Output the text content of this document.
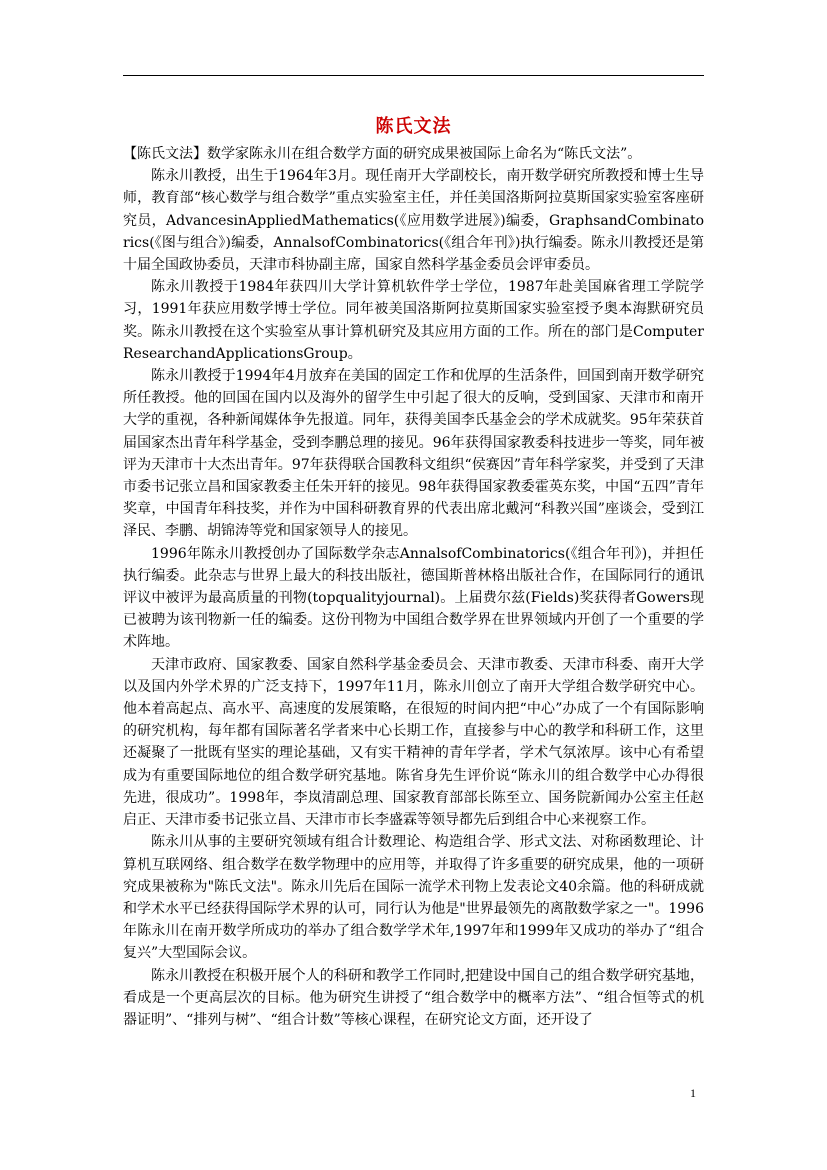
陈氏文法

【陈氏文法】数学家陈永川在组合数学方面的研究成果被国际上命名为“陈氏文法”。

陈永川教授，出生于1964年3月。现任南开大学副校长，南开数学研究所教授和博士生导师，教育部“核心数学与组合数学”重点实验室主任，并任美国洛斯阿拉莫斯国家实验室客座研究员，AdvancesinAppliedMathematics(《应用数学进展》)编委，GraphsandCombinatorics(《图与组合》)编委，AnnalsofCombinatorics(《组合年刊》)执行编委。陈永川教授还是第十届全国政协委员，天津市科协副主席，国家自然科学基金委员会评审委员。

陈永川教授于1984年获四川大学计算机软件学士学位，1987年赴美国麻省理工学院学习，1991年获应用数学博士学位。同年被美国洛斯阿拉莫斯国家实验室授予奥本海默研究员奖。陈永川教授在这个实验室从事计算机研究及其应用方面的工作。所在的部门是ComputerResearchandApplicationsGroup。

陈永川教授于1994年4月放弃在美国的固定工作和优厚的生活条件，回国到南开数学研究所任教授。他的回国在国内以及海外的留学生中引起了很大的反响，受到国家、天津市和南开大学的重视，各种新闻媒体争先报道。同年，获得美国李氏基金会的学术成就奖。95年荣获首届国家杰出青年科学基金，受到李鹏总理的接见。96年获得国家教委科技进步一等奖，同年被评为天津市十大杰出青年。97年获得联合国教科文组织“侯赛因”青年科学家奖，并受到了天津市委书记张立昌和国家教委主任朱开轩的接见。98年获得国家教委霍英东奖，中国“五四”青年奖章，中国青年科技奖，并作为中国科研教育界的代表出席北戴河“科教兴国”座谈会，受到江泽民、李鹏、胡锦涛等党和国家领导人的接见。

1996年陈永川教授创办了国际数学杂志AnnalsofCombinatorics(《组合年刊》)，并担任执行编委。此杂志与世界上最大的科技出版社，德国斯普林格出版社合作，在国际同行的通讯评议中被评为最高质量的刊物(topqualityjournal)。上届费尔兹(Fields)奖获得者Gowers现已被聘为该刊物新一任的编委。这份刊物为中国组合数学界在世界领域内开创了一个重要的学术阵地。

天津市政府、国家教委、国家自然科学基金委员会、天津市教委、天津市科委、南开大学以及国内外学术界的广泛支持下，1997年11月，陈永川创立了南开大学组合数学研究中心。他本着高起点、高水平、高速度的发展策略，在很短的时间内把“中心”办成了一个有国际影响的研究机构，每年都有国际著名学者来中心长期工作，直接参与中心的教学和科研工作，这里还凝聚了一批既有坚实的理论基础，又有实干精神的青年学者，学术气氛浓厚。该中心有希望成为有重要国际地位的组合数学研究基地。陈省身先生评价说“陈永川的组合数学中心办得很先进，很成功”。1998年，李岚清副总理、国家教育部部长陈至立、国务院新闻办公室主任赵启正、天津市委书记张立昌、天津市市长李盛霖等领导都先后到组合中心来视察工作。

陈永川从事的主要研究领域有组合计数理论、构造组合学、形式文法、对称函数理论、计算机互联网络、组合数学在数学物理中的应用等，并取得了许多重要的研究成果，他的一项研究成果被称为"陈氏文法"。陈永川先后在国际一流学术刊物上发表论文40余篇。他的科研成就和学术水平已经获得国际学术界的认可，同行认为他是"世界最领先的离散数学家之一"。1996年陈永川在南开数学所成功的举办了组合数学学术年,1997年和1999年又成功的举办了“组合复兴”大型国际会议。

陈永川教授在积极开展个人的科研和教学工作同时,把建设中国自己的组合数学研究基地，看成是一个更高层次的目标。他为研究生讲授了“组合数学中的概率方法”、“组合恒等式的机器证明”、“排列与树”、“组合计数”等核心课程，在研究论文方面，还开设了

1
